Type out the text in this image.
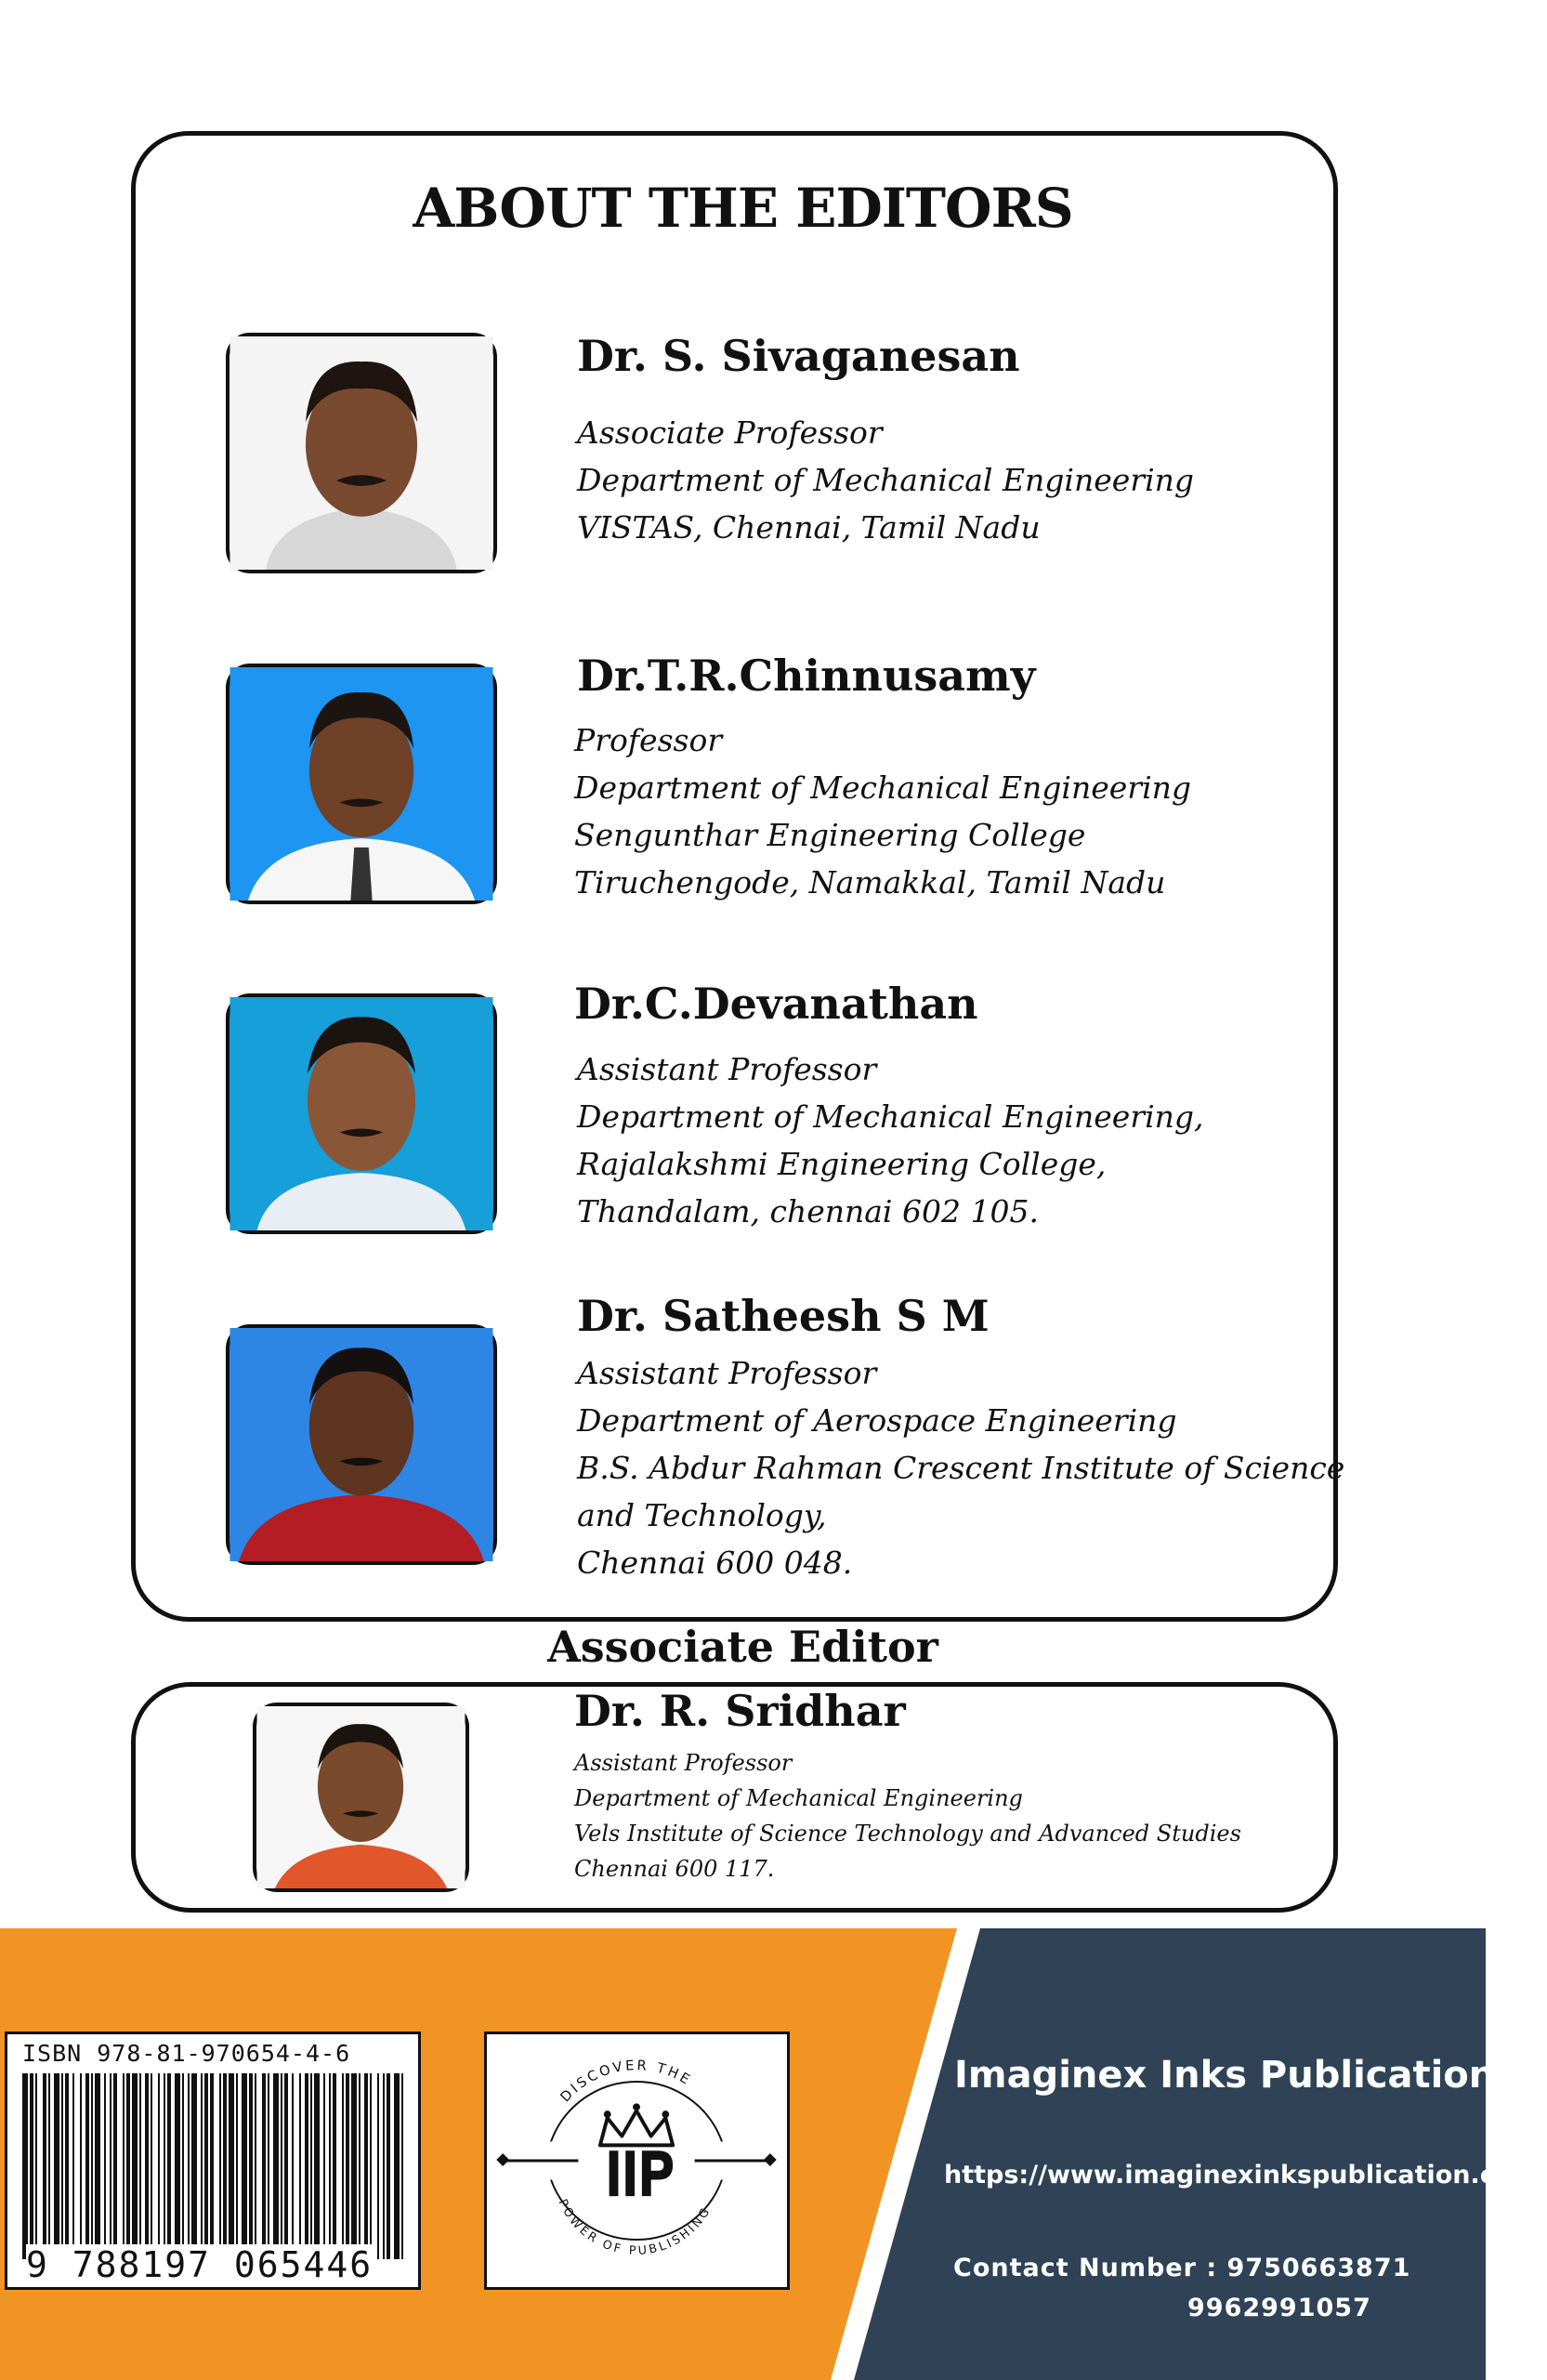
ABOUT THE EDITORS
Dr. S. Sivaganesan
Associate Professor
Department of Mechanical Engineering
VISTAS, Chennai, Tamil Nadu
Dr.T.R.Chinnusamy
Professor
Department of Mechanical Engineering
Sengunthar Engineering College
Tiruchengode, Namakkal, Tamil Nadu
Dr.C.Devanathan
Assistant Professor
Department of Mechanical Engineering,
Rajalakshmi Engineering College,
Thandalam, chennai 602 105.
Dr. Satheesh S M
Assistant Professor
Department of Aerospace Engineering
B.S. Abdur Rahman Crescent Institute of Science
and Technology,
Chennai 600 048.
Associate Editor
Dr. R. Sridhar
Assistant Professor
Department of Mechanical Engineering
Vels Institute of Science Technology and Advanced Studies
Chennai 600 117.
ISBN 978-81-970654-4-6
9 788197 065446
DISCOVER THE
POWER OF PUBLISHING
Imaginex Inks Publication
https://www.imaginexinkspublication.com/
Contact Number : 9750663871
9962991057
